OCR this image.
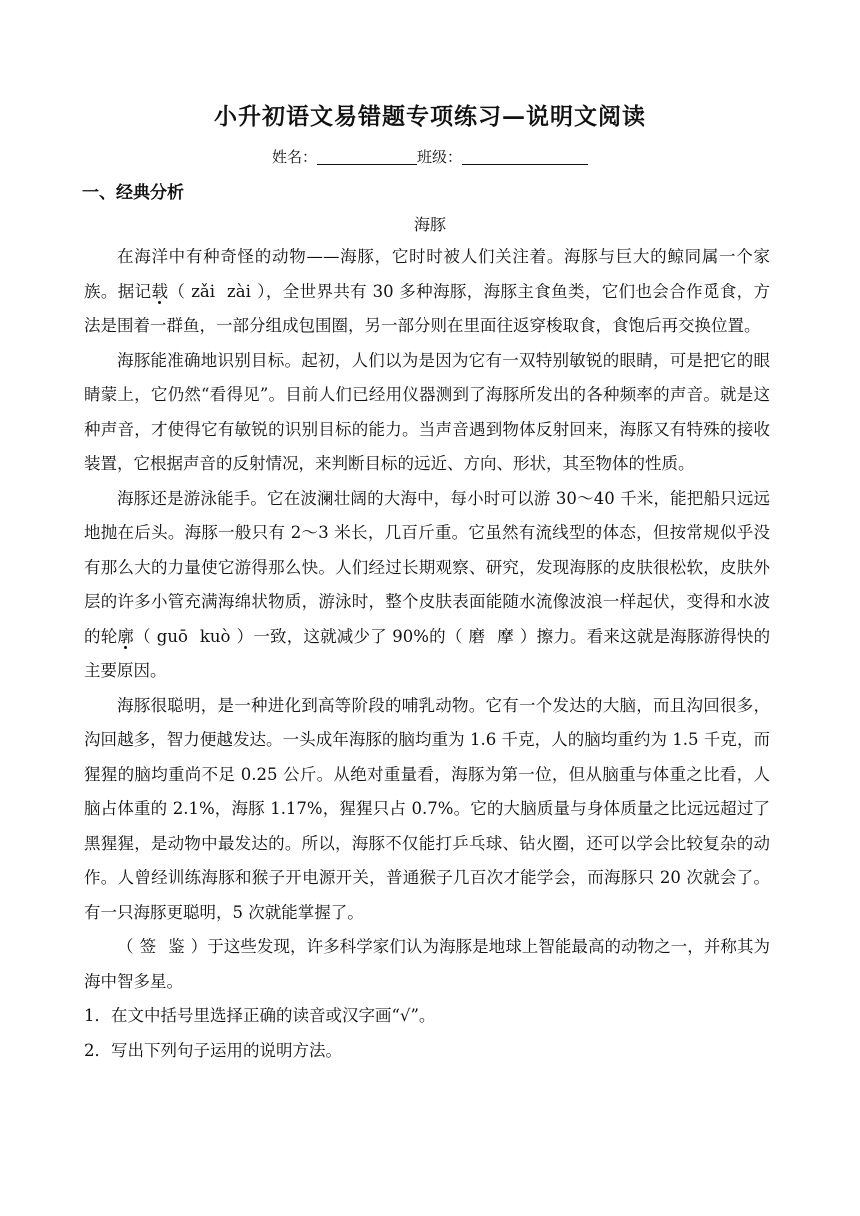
小升初语文易错题专项练习—说明文阅读
姓名：	班级：
一、经典分析
海豚

在海洋中有种奇怪的动物——海豚，它时时被人们关注着。海豚与巨大的鲸同属一个家族。据记载（ zǎi zài ），全世界共有 30 多种海豚，海豚主食鱼类，它们也会合作觅食，方法是围着一群鱼，一部分组成包围圈，另一部分则在里面往返穿梭取食，食饱后再交换位置。

海豚能准确地识别目标。起初，人们以为是因为它有一双特别敏锐的眼睛，可是把它的眼睛蒙上，它仍然“看得见”。目前人们已经用仪器测到了海豚所发出的各种频率的声音。就是这种声音，才使得它有敏锐的识别目标的能力。当声音遇到物体反射回来，海豚又有特殊的接收装置，它根据声音的反射情况，来判断目标的远近、方向、形状，其至物体的性质。

海豚还是游泳能手。它在波澜壮阔的大海中，每小时可以游 30～40 千米，能把船只远远地抛在后头。海豚一般只有 2～3 米长，几百斤重。它虽然有流线型的体态，但按常规似乎没有那么大的力量使它游得那么快。人们经过长期观察、研究，发现海豚的皮肤很松软，皮肤外层的许多小管充满海绵状物质，游泳时，整个皮肤表面能随水流像波浪一样起伏，变得和水波的轮廓（ guō kuò ）一致，这就减少了 90%的（ 磨 摩 ）擦力。看来这就是海豚游得快的主要原因。

海豚很聪明，是一种进化到高等阶段的哺乳动物。它有一个发达的大脑，而且沟回很多，沟回越多，智力便越发达。一头成年海豚的脑均重为 1.6 千克，人的脑均重约为 1.5 千克，而猩猩的脑均重尚不足 0.25 公斤。从绝对重量看，海豚为第一位，但从脑重与体重之比看，人脑占体重的 2.1%，海豚 1.17%，猩猩只占 0.7%。它的大脑质量与身体质量之比远远超过了黑猩猩，是动物中最发达的。所以，海豚不仅能打乒乓球、钻火圈，还可以学会比较复杂的动作。人曾经训练海豚和猴子开电源开关，普通猴子几百次才能学会，而海豚只 20 次就会了。有一只海豚更聪明，5 次就能掌握了。

（ 签 鉴 ）于这些发现，许多科学家们认为海豚是地球上智能最高的动物之一，并称其为海中智多星。

1．在文中括号里选择正确的读音或汉字画“√”。

2．写出下列句子运用的说明方法。
